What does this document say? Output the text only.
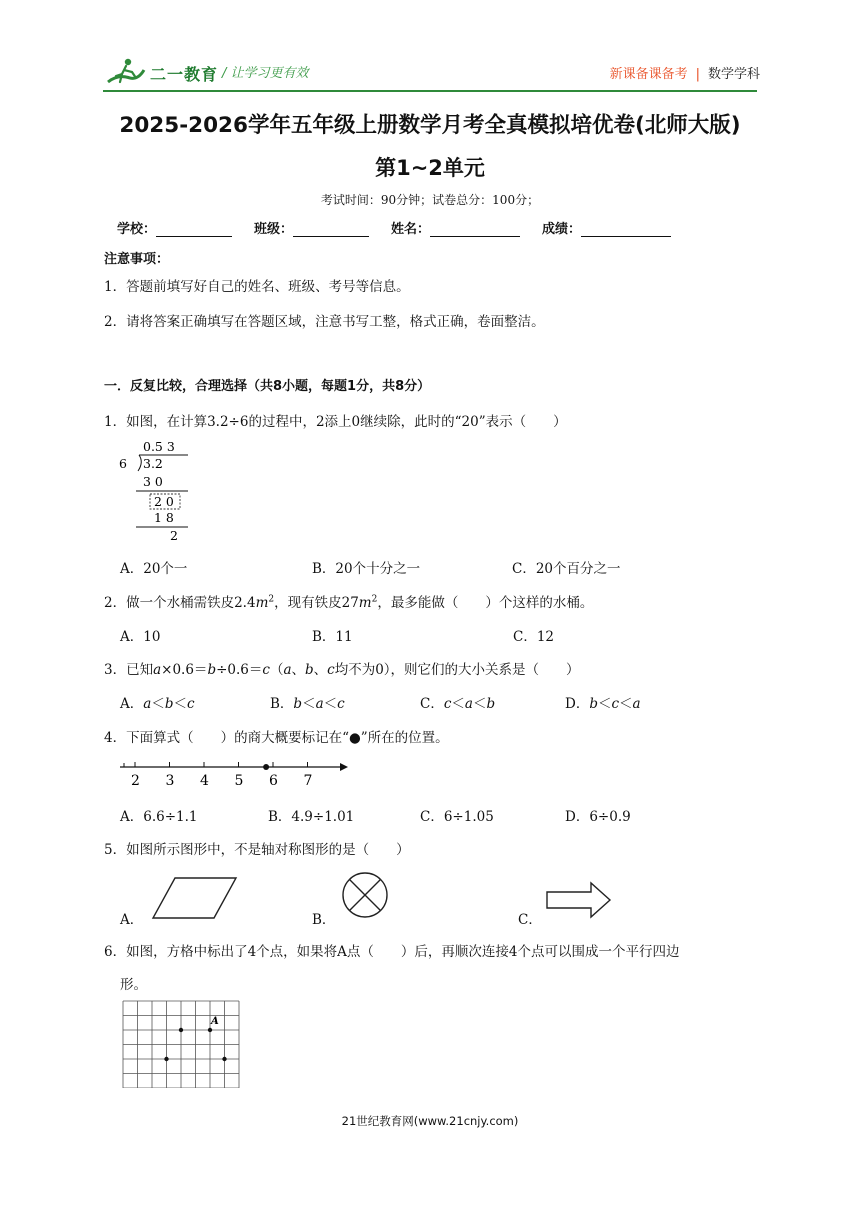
二一教育 / 让学习更有效	新课备课备考 | 数学学科
2025-2026学年五年级上册数学月考全真模拟培优卷(北师大版)
第1~2单元
考试时间：90分钟；试卷总分：100分；
学校：	班级：	姓名：	成绩：
注意事项：
1．答题前填写好自己的姓名、班级、考号等信息。
2．请将答案正确填写在答题区域，注意书写工整，格式正确，卷面整洁。
一．反复比较，合理选择（共8小题，每题1分，共8分）
1．如图，在计算3.2÷6的过程中，2添上0继续除，此时的“20”表示（　　）
0.5 3
6 3.2
3 0
2 0
1 8
2
A．20个一	B．20个十分之一	C．20个百分之一
2．做一个水桶需铁皮$2.4m^2$，现有铁皮$27m^2$，最多能做（　　）个这样的水桶。
A．10	B．11	C．12
3．已知a×0.6＝b÷0.6＝c（a、b、c均不为0），则它们的大小关系是（　　）
A．a＜b＜c	B．b＜a＜c	C．c＜a＜b	D．b＜c＜a
4．下面算式（　　）的商大概要标记在“●”所在的位置。
2 3 4 5 6 7
A．6.6÷1.1	B．4.9÷1.01	C．6÷1.05	D．6÷0.9
5．如图所示图形中，不是轴对称图形的是（　　）
A．	B．	C．
6．如图，方格中标出了4个点，如果将A点（　　）后，再顺次连接4个点可以围成一个平行四边
形。
A
21世纪教育网(www.21cnjy.com)
